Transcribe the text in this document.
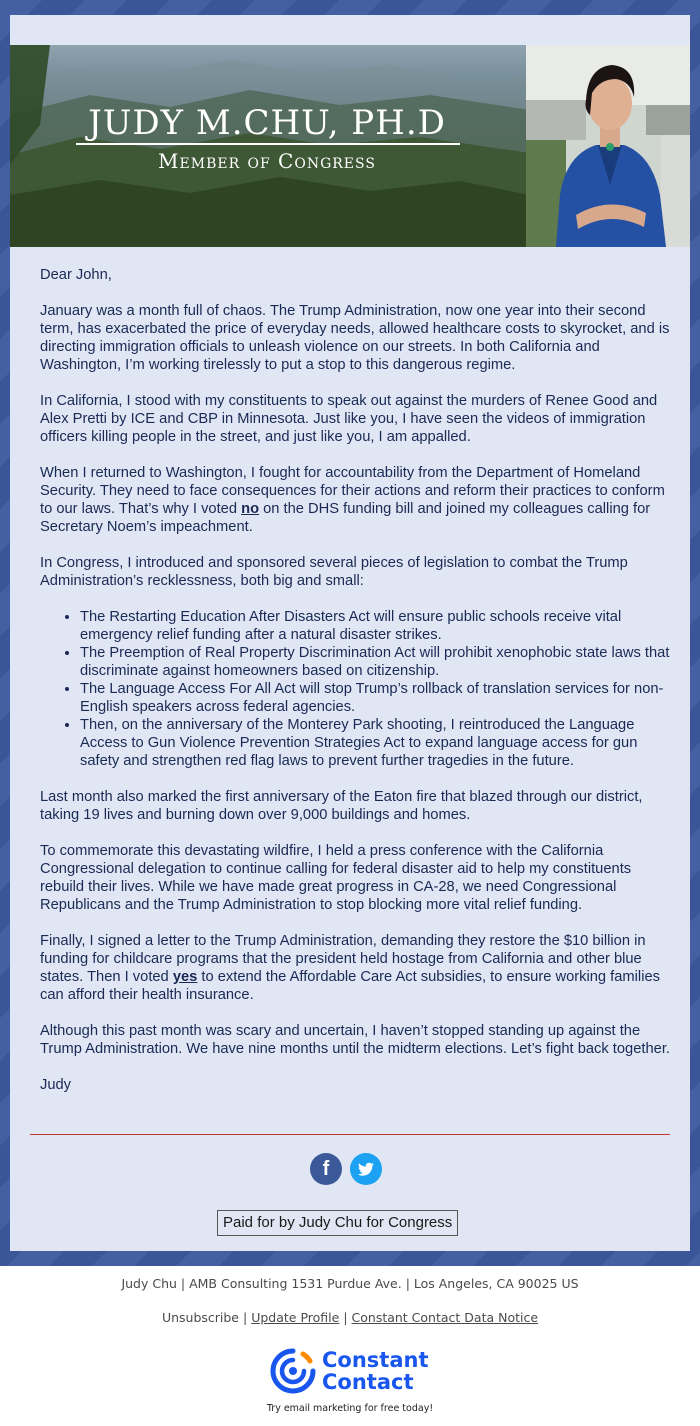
JUDY M.CHU, PH.D
Member of Congress

Dear John,

January was a month full of chaos. The Trump Administration, now one year into their second term, has exacerbated the price of everyday needs, allowed healthcare costs to skyrocket, and is directing immigration officials to unleash violence on our streets. In both California and Washington, I’m working tirelessly to put a stop to this dangerous regime.

In California, I stood with my constituents to speak out against the murders of Renee Good and Alex Pretti by ICE and CBP in Minnesota. Just like you, I have seen the videos of immigration officers killing people in the street, and just like you, I am appalled.

When I returned to Washington, I fought for accountability from the Department of Homeland Security. They need to face consequences for their actions and reform their practices to conform to our laws. That’s why I voted no on the DHS funding bill and joined my colleagues calling for Secretary Noem’s impeachment.

In Congress, I introduced and sponsored several pieces of legislation to combat the Trump Administration’s recklessness, both big and small:

• The Restarting Education After Disasters Act will ensure public schools receive vital emergency relief funding after a natural disaster strikes.
• The Preemption of Real Property Discrimination Act will prohibit xenophobic state laws that discriminate against homeowners based on citizenship.
• The Language Access For All Act will stop Trump’s rollback of translation services for non-English speakers across federal agencies.
• Then, on the anniversary of the Monterey Park shooting, I reintroduced the Language Access to Gun Violence Prevention Strategies Act to expand language access for gun safety and strengthen red flag laws to prevent further tragedies in the future.

Last month also marked the first anniversary of the Eaton fire that blazed through our district, taking 19 lives and burning down over 9,000 buildings and homes.

To commemorate this devastating wildfire, I held a press conference with the California Congressional delegation to continue calling for federal disaster aid to help my constituents rebuild their lives. While we have made great progress in CA-28, we need Congressional Republicans and the Trump Administration to stop blocking more vital relief funding.

Finally, I signed a letter to the Trump Administration, demanding they restore the $10 billion in funding for childcare programs that the president held hostage from California and other blue states. Then I voted yes to extend the Affordable Care Act subsidies, to ensure working families can afford their health insurance.

Although this past month was scary and uncertain, I haven’t stopped standing up against the Trump Administration. We have nine months until the midterm elections. Let’s fight back together.

Judy

f
Paid for by Judy Chu for Congress
Judy Chu | AMB Consulting 1531 Purdue Ave. | Los Angeles, CA 90025 US
Unsubscribe | Update Profile | Constant Contact Data Notice
Constant
Contact
Try email marketing for free today!
